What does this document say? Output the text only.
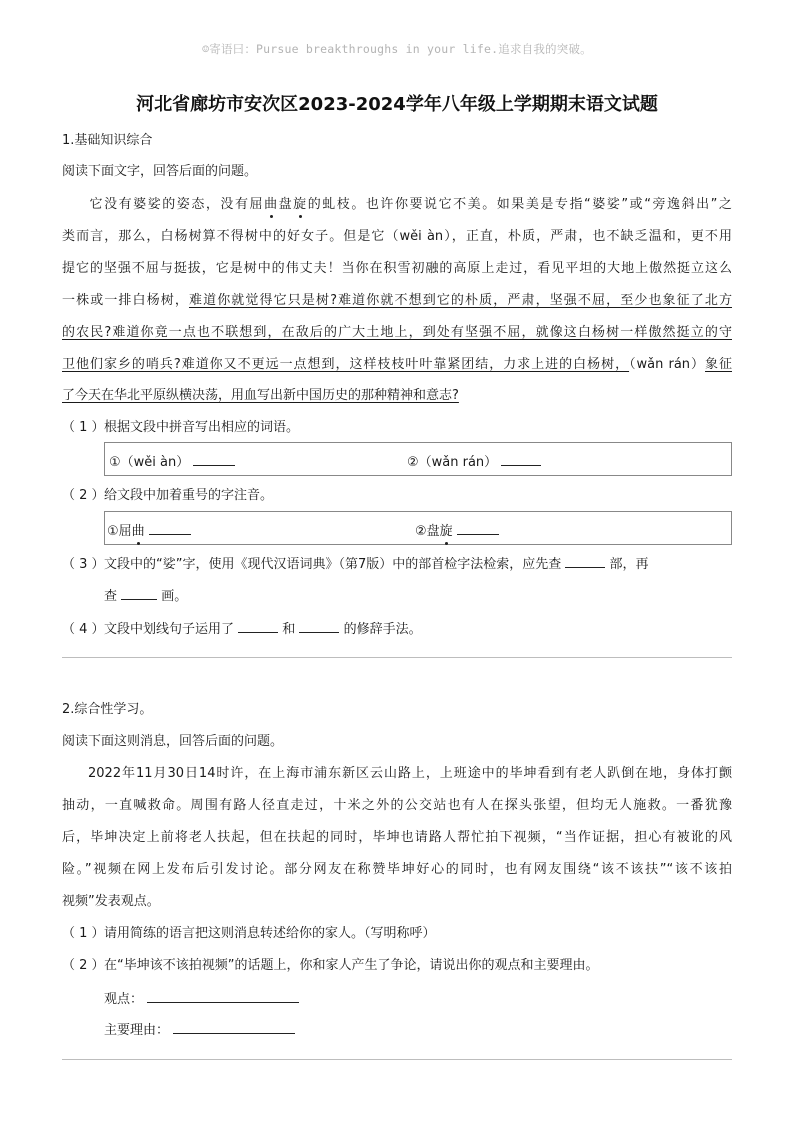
☺寄语曰：Pursue breakthroughs in your life.追求自我的突破。
河北省廊坊市安次区2023-2024学年八年级上学期期末语文试题
1.基础知识综合
阅读下面文字，回答后面的问题。
它没有婆娑的姿态，没有屈曲盘旋的虬枝。也许你要说它不美。如果美是专指“婆娑”或“旁逸斜出”之
类而言，那么，白杨树算不得树中的好女子。但是它（wěi àn），正直，朴质，严肃，也不缺乏温和，更不用
提它的坚强不屈与挺拔，它是树中的伟丈夫！当你在积雪初融的高原上走过，看见平坦的大地上傲然挺立这么
一株或一排白杨树，难道你就觉得它只是树?难道你就不想到它的朴质，严肃，坚强不屈，至少也象征了北方
的农民?难道你竟一点也不联想到，在敌后的广大土地上，到处有坚强不屈，就像这白杨树一样傲然挺立的守
卫他们家乡的哨兵?难道你又不更远一点想到，这样枝枝叶叶靠紧团结，力求上进的白杨树，（wǎn rán）象征
了今天在华北平原纵横决荡，用血写出新中国历史的那种精神和意志?
（ 1 ）根据文段中拼音写出相应的词语。
①（wěi àn）	②（wǎn rán）
（ 2 ）给文段中加着重号的字注音。
①屈曲	②盘旋
（ 3 ）文段中的“娑”字，使用《现代汉语词典》（第7版）中的部首检字法检索，应先查	部，再
查	画。
（ 4 ）文段中划线句子运用了	和	的修辞手法。
2.综合性学习。
阅读下面这则消息，回答后面的问题。
2022年11月30日14时许，在上海市浦东新区云山路上，上班途中的毕坤看到有老人趴倒在地，身体打颤
抽动，一直喊救命。周围有路人径直走过，十米之外的公交站也有人在探头张望，但均无人施救。一番犹豫
后，毕坤决定上前将老人扶起，但在扶起的同时，毕坤也请路人帮忙拍下视频，“当作证据，担心有被讹的风
险。”视频在网上发布后引发讨论。部分网友在称赞毕坤好心的同时，也有网友围绕“该不该扶”“该不该拍
视频”发表观点。
（ 1 ）请用简练的语言把这则消息转述给你的家人。（写明称呼）
（ 2 ）在“毕坤该不该拍视频”的话题上，你和家人产生了争论，请说出你的观点和主要理由。
观点：
主要理由：
